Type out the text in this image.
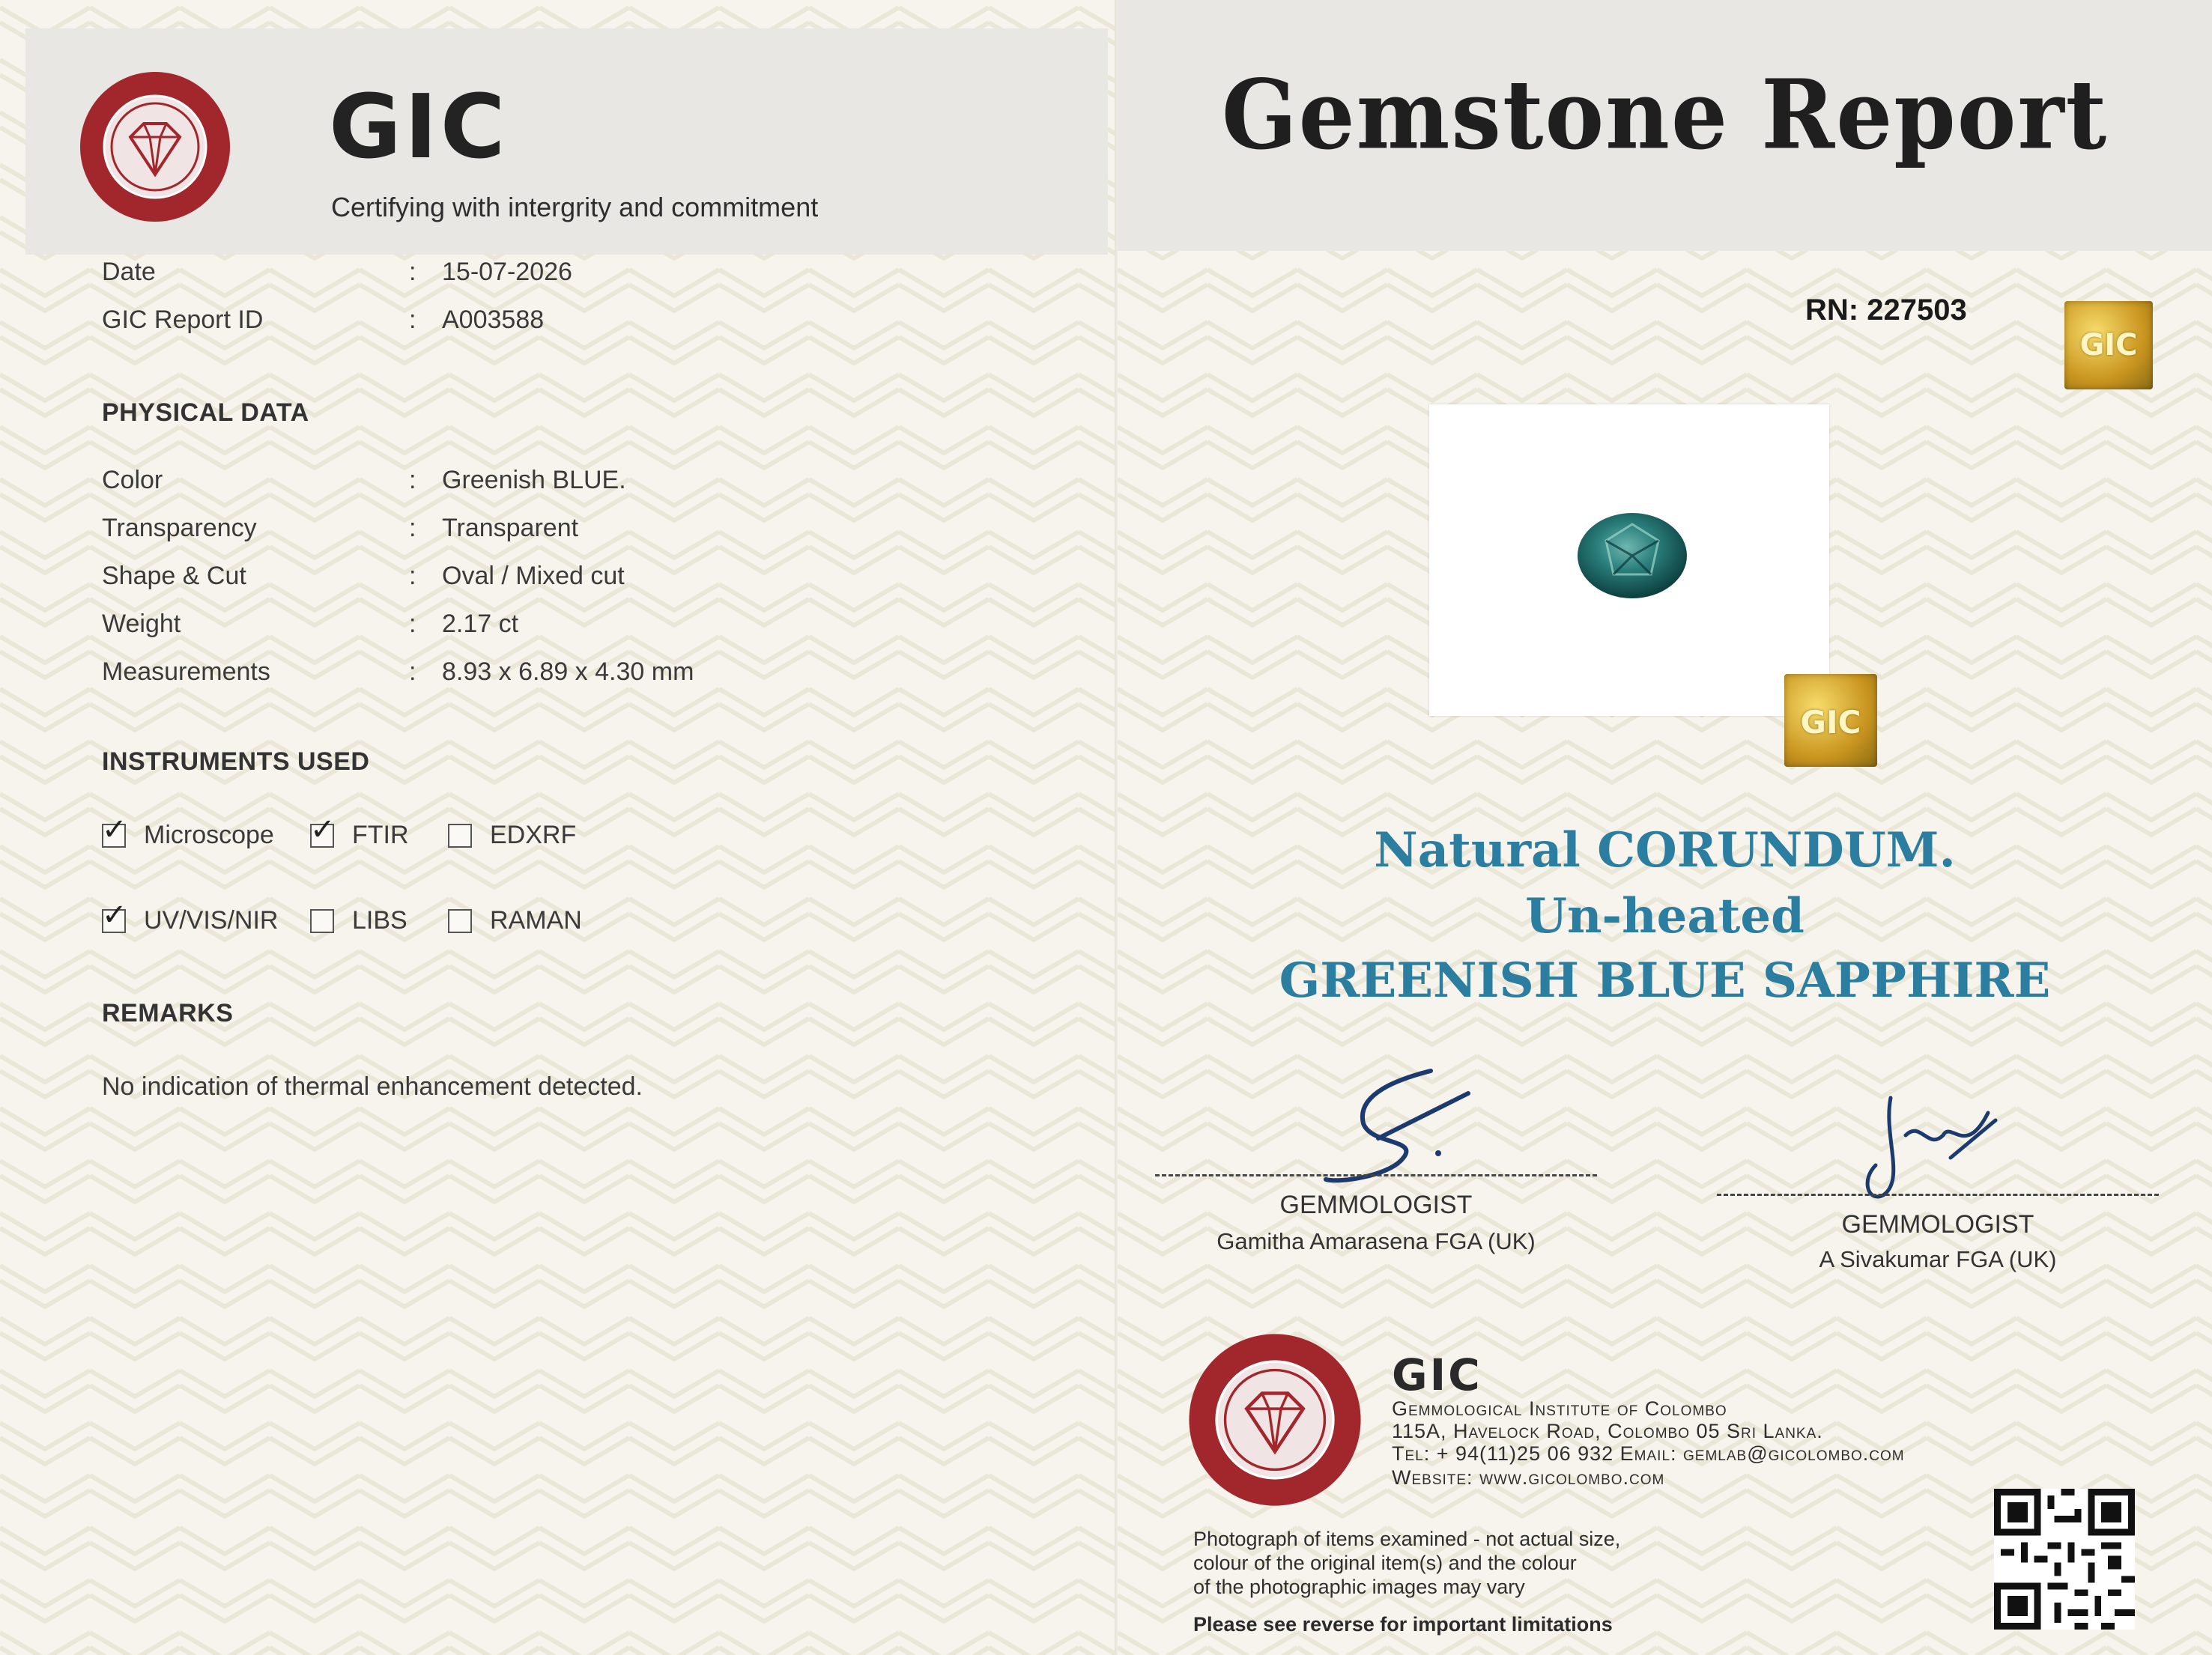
GIC
Certifying with intergrity and commitment
Date	: 15-07-2026
GIC Report ID	: A003588
PHYSICAL DATA
Color	: Greenish BLUE.
Transparency	: Transparent
Shape & Cut	: Oval / Mixed cut
Weight	: 2.17 ct
Measurements	: 8.93 x 6.89 x 4.30 mm
INSTRUMENTS USED
✓ Microscope ✓ FTIR	EDXRF
✓ UV/VIS/NIR	LIBS	RAMAN
REMARKS
No indication of thermal enhancement detected.
Gemstone Report
RN: 227503
GIC
GIC
Natural CORUNDUM.
Un-heated
GREENISH BLUE SAPPHIRE
GEMMOLOGIST
Gamitha Amarasena FGA (UK)
GEMMOLOGIST
A Sivakumar FGA (UK)
GIC
Gemmological Institute of Colombo
115A, Havelock Road, Colombo 05 Sri Lanka.
Tel: + 94(11)25 06 932 Email: gemlab@gicolombo.com
Website: www.gicolombo.com
Photograph of items examined - not actual size,
colour of the original item(s) and the colour
of the photographic images may vary
Please see reverse for important limitations
